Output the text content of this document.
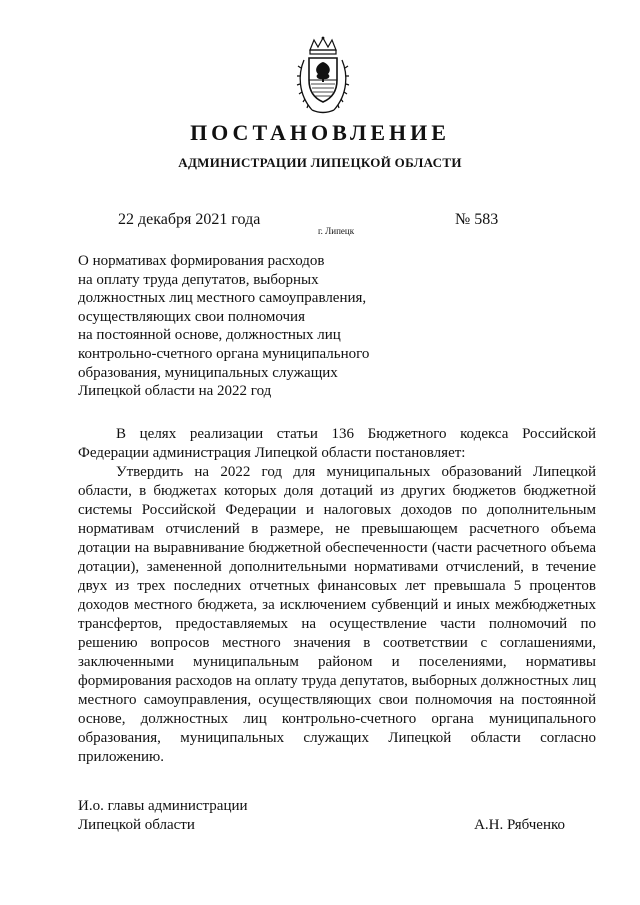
ПОСТАНОВЛЕНИЕ
АДМИНИСТРАЦИИ ЛИПЕЦКОЙ ОБЛАСТИ
22 декабря 2021 года
г. Липецк
№ 583
О нормативах формирования расходов
на оплату труда депутатов, выборных
должностных лиц местного самоуправления,
осуществляющих свои полномочия
на постоянной основе, должностных лиц
контрольно-счетного органа муниципального
образования, муниципальных служащих
Липецкой области на 2022 год

В целях реализации статьи 136 Бюджетного кодекса Российской Федерации администрация Липецкой области постановляет:

Утвердить на 2022 год для муниципальных образований Липецкой области, в бюджетах которых доля дотаций из других бюджетов бюджетной системы Российской Федерации и налоговых доходов по дополнительным нормативам отчислений в размере, не превышающем расчетного объема дотации на выравнивание бюджетной обеспеченности (части расчетного объема дотации), замененной дополнительными нормативами отчислений, в течение двух из трех последних отчетных финансовых лет превышала 5 процентов доходов местного бюджета, за исключением субвенций и иных межбюджетных трансфертов, предоставляемых на осуществление части полномочий по решению вопросов местного значения в соответствии с соглашениями, заключенными муниципальным районом и поселениями, нормативы формирования расходов на оплату труда депутатов, выборных должностных лиц местного самоуправления, осуществляющих свои полномочия на постоянной основе, должностных лиц контрольно-счетного органа муниципального образования, муниципальных служащих Липецкой области согласно приложению.

И.о. главы администрации
Липецкой области	А.Н. Рябченко
